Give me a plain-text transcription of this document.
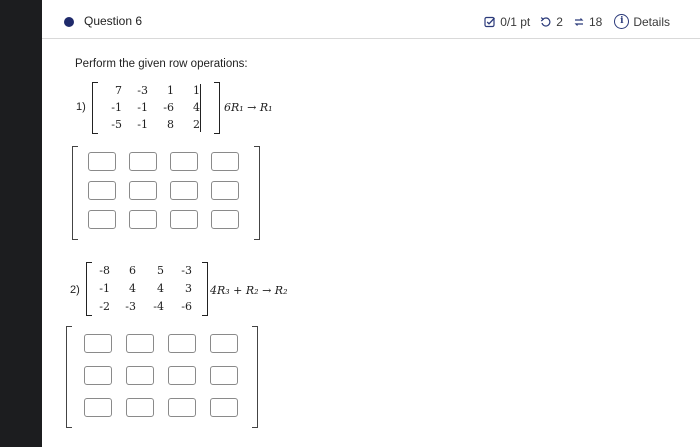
Question 6	0/1 pt 2 18	i Details
Perform the given row operations:
1)
7	-3	1	1
-1	-1	-6	4
-5	-1	8	2
6R₁ → R₁
2)
-8	6	5	-3
-1	4	4	3
-2	-3	-4	-6
4R₃ + R₂ → R₂
